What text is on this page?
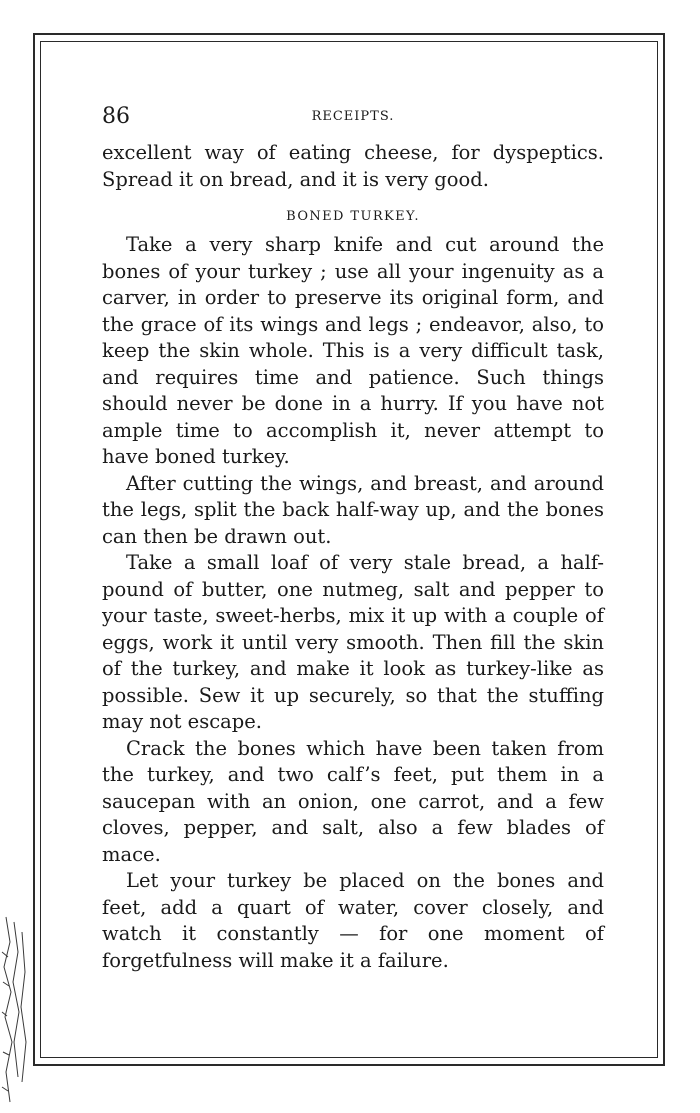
86	RECEIPTS.

excellent way of eating cheese, for dyspeptics. Spread it on bread, and it is very good.

BONED TURKEY.

Take a very sharp knife and cut around the bones of your turkey ; use all your ingenuity as a carver, in order to preserve its original form, and the grace of its wings and legs ; endeavor, also, to keep the skin whole. This is a very difficult task, and requires time and patience. Such things should never be done in a hurry. If you have not ample time to accomplish it, never attempt to have boned turkey.

After cutting the wings, and breast, and around the legs, split the back half-way up, and the bones can then be drawn out.

Take a small loaf of very stale bread, a half-​pound of butter, one nutmeg, salt and pepper to your taste, sweet-herbs, mix it up with a couple of eggs, work it until very smooth. Then fill the skin of the turkey, and make it look as turkey-like as possible. Sew it up securely, so that the stuffing may not escape.

Crack the bones which have been taken from the turkey, and two calf’s feet, put them in a saucepan with an onion, one carrot, and a few cloves, pepper, and salt, also a few blades of mace.

Let your turkey be placed on the bones and feet, add a quart of water, cover closely, and watch it constantly — for one moment of forgetfulness will make it a failure.
